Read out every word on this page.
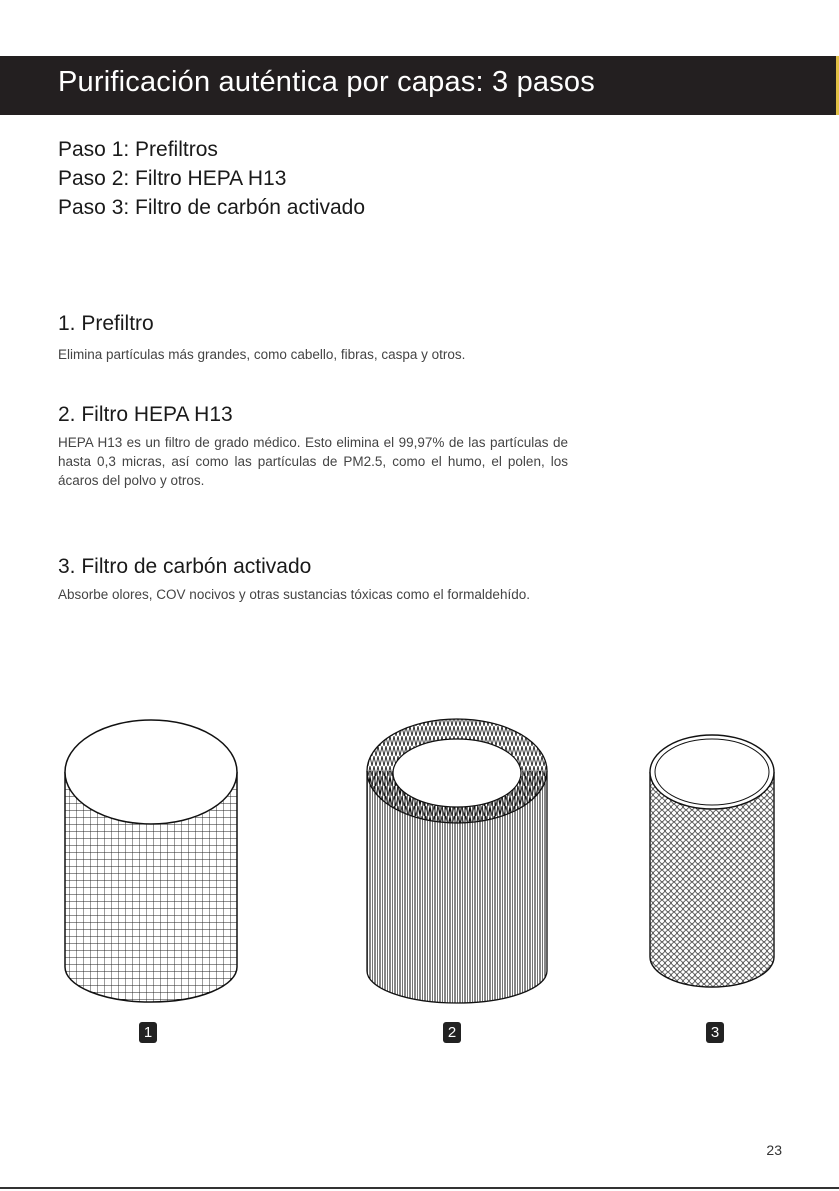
Purificación auténtica por capas: 3 pasos
Paso 1: Prefiltros
Paso 2: Filtro HEPA H13
Paso 3: Filtro de carbón activado
1. Prefiltro

Elimina partículas más grandes, como cabello, fibras, caspa y otros.

2. Filtro HEPA H13

HEPA H13 es un filtro de grado médico. Esto elimina el 99,97% de las partículas de hasta 0,3 micras, así como las partículas de PM2.5, como el humo, el polen, los ácaros del polvo y otros.

3. Filtro de carbón activado

Absorbe olores, COV nocivos y otras sustancias tóxicas como el formaldehído.

1	2	3
23
